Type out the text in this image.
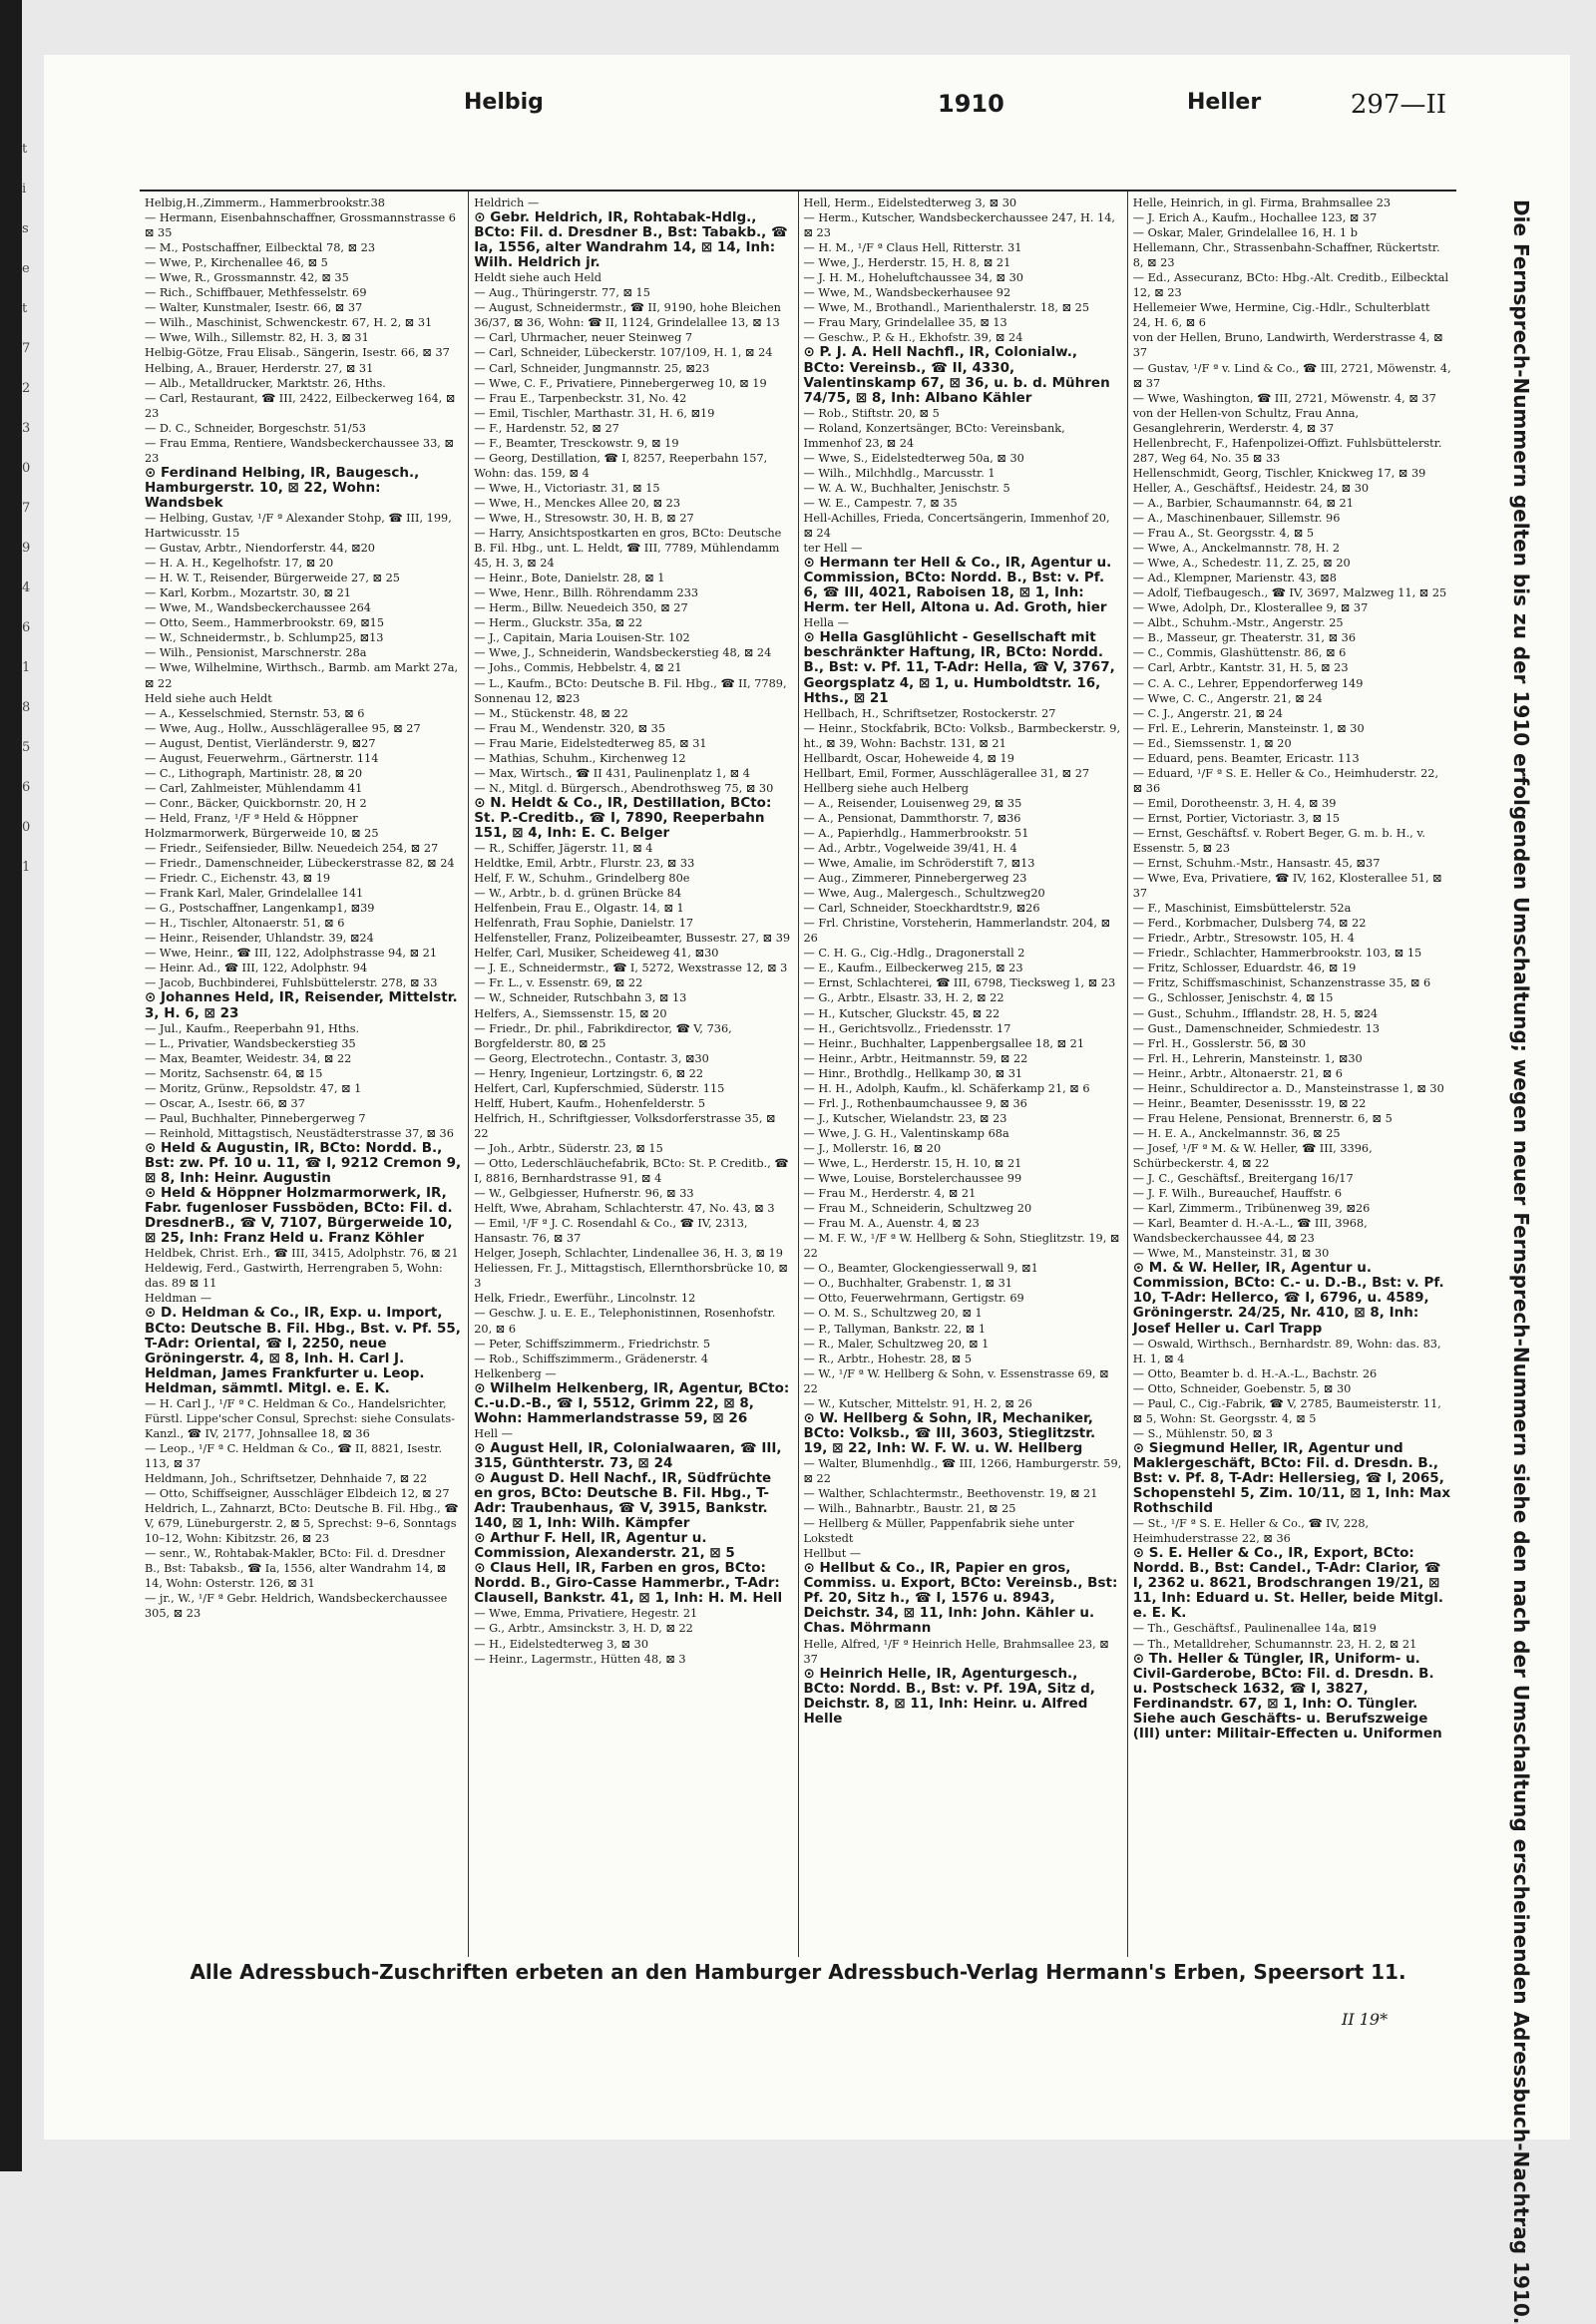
t
i
s
e
t
7
2
3
0
7
9
4
6
1
8
5
6
0
1
Helbig	1910	Heller	297—II

Helbig,H.,Zimmerm., Hammerbrookstr.38

— Hermann, Eisenbahnschaffner, Grossmannstrasse 6 ⊠ 35

— M., Postschaffner, Eilbecktal 78, ⊠ 23

— Wwe, P., Kirchenallee 46, ⊠ 5

— Wwe, R., Grossmannstr. 42, ⊠ 35

— Rich., Schiffbauer, Methfesselstr. 69

— Walter, Kunstmaler, Isestr. 66, ⊠ 37

— Wilh., Maschinist, Schwenckestr. 67, H. 2, ⊠ 31

— Wwe, Wilh., Sillemstr. 82, H. 3, ⊠ 31

Helbig-Götze, Frau Elisab., Sängerin, Isestr. 66, ⊠ 37

Helbing, A., Brauer, Herderstr. 27, ⊠ 31

— Alb., Metalldrucker, Marktstr. 26, Hths.

— Carl, Restaurant, ☎ III, 2422, Eilbeckerweg 164, ⊠ 23

— D. C., Schneider, Borgeschstr. 51/53

— Frau Emma, Rentiere, Wandsbeckerchaussee 33, ⊠ 23

⊙ Ferdinand Helbing, IR, Baugesch., Hamburgerstr. 10, ⊠ 22, Wohn: Wandsbek

— Helbing, Gustav, ¹/F ª Alexander Stohp, ☎ III, 199, Hartwicusstr. 15

— Gustav, Arbtr., Niendorferstr. 44, ⊠20

— H. A. H., Kegelhofstr. 17, ⊠ 20

— H. W. T., Reisender, Bürgerweide 27, ⊠ 25

— Karl, Korbm., Mozartstr. 30, ⊠ 21

— Wwe, M., Wandsbeckerchaussee 264

— Otto, Seem., Hammerbrookstr. 69, ⊠15

— W., Schneidermstr., b. Schlump25, ⊠13

— Wilh., Pensionist, Marschnerstr. 28a

— Wwe, Wilhelmine, Wirthsch., Barmb. am Markt 27a, ⊠ 22

Held siehe auch Heldt

— A., Kesselschmied, Sternstr. 53, ⊠ 6

— Wwe, Aug., Hollw., Ausschlägerallee 95, ⊠ 27

— August, Dentist, Vierländerstr. 9, ⊠27

— August, Feuerwehrm., Gärtnerstr. 114

— C., Lithograph, Martinistr. 28, ⊠ 20

— Carl, Zahlmeister, Mühlendamm 41

— Conr., Bäcker, Quickbornstr. 20, H 2

— Held, Franz, ¹/F ª Held & Höppner Holzmarmorwerk, Bürgerweide 10, ⊠ 25

— Friedr., Seifensieder, Billw. Neuedeich 254, ⊠ 27

— Friedr., Damenschneider, Lübeckerstrasse 82, ⊠ 24

— Friedr. C., Eichenstr. 43, ⊠ 19

— Frank Karl, Maler, Grindelallee 141

— G., Postschaffner, Langenkamp1, ⊠39

— H., Tischler, Altonaerstr. 51, ⊠ 6

— Heinr., Reisender, Uhlandstr. 39, ⊠24

— Wwe, Heinr., ☎ III, 122, Adolphstrasse 94, ⊠ 21

— Heinr. Ad., ☎ III, 122, Adolphstr. 94

— Jacob, Buchbinderei, Fuhlsbüttelerstr. 278, ⊠ 33

⊙ Johannes Held, IR, Reisender, Mittelstr. 3, H. 6, ⊠ 23

— Jul., Kaufm., Reeperbahn 91, Hths.

— L., Privatier, Wandsbeckerstieg 35

— Max, Beamter, Weidestr. 34, ⊠ 22

— Moritz, Sachsenstr. 64, ⊠ 15

— Moritz, Grünw., Repsoldstr. 47, ⊠ 1

— Oscar, A., Isestr. 66, ⊠ 37

— Paul, Buchhalter, Pinnebergerweg 7

— Reinhold, Mittagstisch, Neustädterstrasse 37, ⊠ 36

⊙ Held & Augustin, IR, BCto: Nordd. B., Bst: zw. Pf. 10 u. 11, ☎ I, 9212 Cremon 9, ⊠ 8, Inh: Heinr. Augustin

⊙ Held & Höppner Holzmarmorwerk, IR, Fabr. fugenloser Fussböden, BCto: Fil. d. DresdnerB., ☎ V, 7107, Bürgerweide 10, ⊠ 25, Inh: Franz Held u. Franz Köhler

Heldbek, Christ. Erh., ☎ III, 3415, Adolphstr. 76, ⊠ 21

Heldewig, Ferd., Gastwirth, Herrengraben 5, Wohn: das. 89 ⊠ 11

Heldman —

⊙ D. Heldman & Co., IR, Exp. u. Import, BCto: Deutsche B. Fil. Hbg., Bst. v. Pf. 55, T-Adr: Oriental, ☎ I, 2250, neue Gröningerstr. 4, ⊠ 8, Inh. H. Carl J. Heldman, James Frankfurter u. Leop. Heldman, sämmtl. Mitgl. e. E. K.

— H. Carl J., ¹/F ª C. Heldman & Co., Handelsrichter, Fürstl. Lippe'scher Consul, Sprechst: siehe Consulats-Kanzl., ☎ IV, 2177, Johnsallee 18, ⊠ 36

— Leop., ¹/F ª C. Heldman & Co., ☎ II, 8821, Isestr. 113, ⊠ 37

Heldmann, Joh., Schriftsetzer, Dehnhaide 7, ⊠ 22

— Otto, Schiffseigner, Ausschläger Elbdeich 12, ⊠ 27

Heldrich, L., Zahnarzt, BCto: Deutsche B. Fil. Hbg., ☎ V, 679, Lüneburgerstr. 2, ⊠ 5, Sprechst: 9–6, Sonntags 10–12, Wohn: Kibitzstr. 26, ⊠ 23

— senr., W., Rohtabak-Makler, BCto: Fil. d. Dresdner B., Bst: Tabaksb., ☎ Ia, 1556, alter Wandrahm 14, ⊠ 14, Wohn: Osterstr. 126, ⊠ 31

— jr., W., ¹/F ª Gebr. Heldrich, Wandsbeckerchaussee 305, ⊠ 23

Heldrich —

⊙ Gebr. Heldrich, IR, Rohtabak-Hdlg., BCto: Fil. d. Dresdner B., Bst: Tabakb., ☎ Ia, 1556, alter Wandrahm 14, ⊠ 14, Inh: Wilh. Heldrich jr.

Heldt siehe auch Held

— Aug., Thüringerstr. 77, ⊠ 15

— August, Schneidermstr., ☎ II, 9190, hohe Bleichen 36/37, ⊠ 36, Wohn: ☎ II, 1124, Grindelallee 13, ⊠ 13

— Carl, Uhrmacher, neuer Steinweg 7

— Carl, Schneider, Lübeckerstr. 107/109, H. 1, ⊠ 24

— Carl, Schneider, Jungmannstr. 25, ⊠23

— Wwe, C. F., Privatiere, Pinnebergerweg 10, ⊠ 19

— Frau E., Tarpenbeckstr. 31, No. 42

— Emil, Tischler, Marthastr. 31, H. 6, ⊠19

— F., Hardenstr. 52, ⊠ 27

— F., Beamter, Tresckowstr. 9, ⊠ 19

— Georg, Destillation, ☎ I, 8257, Reeperbahn 157, Wohn: das. 159, ⊠ 4

— Wwe, H., Victoriastr. 31, ⊠ 15

— Wwe, H., Menckes Allee 20, ⊠ 23

— Wwe, H., Stresowstr. 30, H. B, ⊠ 27

— Harry, Ansichtspostkarten en gros, BCto: Deutsche B. Fil. Hbg., unt. L. Heldt, ☎ III, 7789, Mühlendamm 45, H. 3, ⊠ 24

— Heinr., Bote, Danielstr. 28, ⊠ 1

— Wwe, Henr., Billh. Röhrendamm 233

— Herm., Billw. Neuedeich 350, ⊠ 27

— Herm., Gluckstr. 35a, ⊠ 22

— J., Capitain, Maria Louisen-Str. 102

— Wwe, J., Schneiderin, Wandsbeckerstieg 48, ⊠ 24

— Johs., Commis, Hebbelstr. 4, ⊠ 21

— L., Kaufm., BCto: Deutsche B. Fil. Hbg., ☎ II, 7789, Sonnenau 12, ⊠23

— M., Stückenstr. 48, ⊠ 22

— Frau M., Wendenstr. 320, ⊠ 35

— Frau Marie, Eidelstedterweg 85, ⊠ 31

— Mathias, Schuhm., Kirchenweg 12

— Max, Wirtsch., ☎ II 431, Paulinenplatz 1, ⊠ 4

— N., Mitgl. d. Bürgersch., Abendrothsweg 75, ⊠ 30

⊙ N. Heldt & Co., IR, Destillation, BCto: St. P.-Creditb., ☎ I, 7890, Reeperbahn 151, ⊠ 4, Inh: E. C. Belger

— R., Schiffer, Jägerstr. 11, ⊠ 4

Heldtke, Emil, Arbtr., Flurstr. 23, ⊠ 33

Helf, F. W., Schuhm., Grindelberg 80e

— W., Arbtr., b. d. grünen Brücke 84

Helfenbein, Frau E., Olgastr. 14, ⊠ 1

Helfenrath, Frau Sophie, Danielstr. 17

Helfensteller, Franz, Polizeibeamter, Bussestr. 27, ⊠ 39

Helfer, Carl, Musiker, Scheideweg 41, ⊠30

— J. E., Schneidermstr., ☎ I, 5272, Wexstrasse 12, ⊠ 3

— Fr. L., v. Essenstr. 69, ⊠ 22

— W., Schneider, Rutschbahn 3, ⊠ 13

Helfers, A., Siemssenstr. 15, ⊠ 20

— Friedr., Dr. phil., Fabrikdirector, ☎ V, 736, Borgfelderstr. 80, ⊠ 25

— Georg, Electrotechn., Contastr. 3, ⊠30

— Henry, Ingenieur, Lortzingstr. 6, ⊠ 22

Helfert, Carl, Kupferschmied, Süderstr. 115

Helff, Hubert, Kaufm., Hohenfelderstr. 5

Helfrich, H., Schriftgiesser, Volksdorferstrasse 35, ⊠ 22

— Joh., Arbtr., Süderstr. 23, ⊠ 15

— Otto, Lederschläuchefabrik, BCto: St. P. Creditb., ☎ I, 8816, Bernhardstrasse 91, ⊠ 4

— W., Gelbgiesser, Hufnerstr. 96, ⊠ 33

Helft, Wwe, Abraham, Schlachterstr. 47, No. 43, ⊠ 3

— Emil, ¹/F ª J. C. Rosendahl & Co., ☎ IV, 2313, Hansastr. 76, ⊠ 37

Helger, Joseph, Schlachter, Lindenallee 36, H. 3, ⊠ 19

Heliessen, Fr. J., Mittagstisch, Ellernthorsbrücke 10, ⊠ 3

Helk, Friedr., Ewerführ., Lincolnstr. 12

— Geschw. J. u. E. E., Telephonistinnen, Rosenhofstr. 20, ⊠ 6

— Peter, Schiffszimmerm., Friedrichstr. 5

— Rob., Schiffszimmerm., Grädenerstr. 4

Helkenberg —

⊙ Wilhelm Helkenberg, IR, Agentur, BCto: C.-u.D.-B., ☎ I, 5512, Grimm 22, ⊠ 8, Wohn: Hammerlandstrasse 59, ⊠ 26

Hell —

⊙ August Hell, IR, Colonialwaaren, ☎ III, 315, Günthterstr. 73, ⊠ 24

⊙ August D. Hell Nachf., IR, Südfrüchte en gros, BCto: Deutsche B. Fil. Hbg., T-Adr: Traubenhaus, ☎ V, 3915, Bankstr. 140, ⊠ 1, Inh: Wilh. Kämpfer

⊙ Arthur F. Hell, IR, Agentur u. Commission, Alexanderstr. 21, ⊠ 5

⊙ Claus Hell, IR, Farben en gros, BCto: Nordd. B., Giro-Casse Hammerbr., T-Adr: Clausell, Bankstr. 41, ⊠ 1, Inh: H. M. Hell

— Wwe, Emma, Privatiere, Hegestr. 21

— G., Arbtr., Amsinckstr. 3, H. D, ⊠ 22

— H., Eidelstedterweg 3, ⊠ 30

— Heinr., Lagermstr., Hütten 48, ⊠ 3

Hell, Herm., Eidelstedterweg 3, ⊠ 30

— Herm., Kutscher, Wandsbeckerchaussee 247, H. 14, ⊠ 23

— H. M., ¹/F ª Claus Hell, Ritterstr. 31

— Wwe, J., Herderstr. 15, H. 8, ⊠ 21

— J. H. M., Hoheluftchaussee 34, ⊠ 30

— Wwe, M., Wandsbeckerhausee 92

— Wwe, M., Brothandl., Marienthalerstr. 18, ⊠ 25

— Frau Mary, Grindelallee 35, ⊠ 13

— Geschw., P. & H., Ekhofstr. 39, ⊠ 24

⊙ P. J. A. Hell Nachfl., IR, Colonialw., BCto: Vereinsb., ☎ II, 4330, Valentinskamp 67, ⊠ 36, u. b. d. Mühren 74/75, ⊠ 8, Inh: Albano Kähler

— Rob., Stiftstr. 20, ⊠ 5

— Roland, Konzertsänger, BCto: Vereinsbank, Immenhof 23, ⊠ 24

— Wwe, S., Eidelstedterweg 50a, ⊠ 30

— Wilh., Milchhdlg., Marcusstr. 1

— W. A. W., Buchhalter, Jenischstr. 5

— W. E., Campestr. 7, ⊠ 35

Hell-Achilles, Frieda, Concertsängerin, Immenhof 20, ⊠ 24

ter Hell —

⊙ Hermann ter Hell & Co., IR, Agentur u. Commission, BCto: Nordd. B., Bst: v. Pf. 6, ☎ III, 4021, Raboisen 18, ⊠ 1, Inh: Herm. ter Hell, Altona u. Ad. Groth, hier

Hella —

⊙ Hella Gasglühlicht - Gesellschaft mit beschränkter Haftung, IR, BCto: Nordd. B., Bst: v. Pf. 11, T-Adr: Hella, ☎ V, 3767, Georgsplatz 4, ⊠ 1, u. Humboldtstr. 16, Hths., ⊠ 21

Hellbach, H., Schriftsetzer, Rostockerstr. 27

— Heinr., Stockfabrik, BCto: Volksb., Barmbeckerstr. 9, ht., ⊠ 39, Wohn: Bachstr. 131, ⊠ 21

Hellbardt, Oscar, Hoheweide 4, ⊠ 19

Hellbart, Emil, Former, Ausschlägerallee 31, ⊠ 27

Hellberg siehe auch Helberg

— A., Reisender, Louisenweg 29, ⊠ 35

— A., Pensionat, Dammthorstr. 7, ⊠36

— A., Papierhdlg., Hammerbrookstr. 51

— Ad., Arbtr., Vogelweide 39/41, H. 4

— Wwe, Amalie, im Schröderstift 7, ⊠13

— Aug., Zimmerer, Pinnebergerweg 23

— Wwe, Aug., Malergesch., Schultzweg20

— Carl, Schneider, Stoeckhardtstr.9, ⊠26

— Frl. Christine, Vorsteherin, Hammerlandstr. 204, ⊠ 26

— C. H. G., Cig.-Hdlg., Dragonerstall 2

— E., Kaufm., Eilbeckerweg 215, ⊠ 23

— Ernst, Schlachterei, ☎ III, 6798, Tiecksweg 1, ⊠ 23

— G., Arbtr., Elsastr. 33, H. 2, ⊠ 22

— H., Kutscher, Gluckstr. 45, ⊠ 22

— H., Gerichtsvollz., Friedensstr. 17

— Heinr., Buchhalter, Lappenbergsallee 18, ⊠ 21

— Heinr., Arbtr., Heitmannstr. 59, ⊠ 22

— Hinr., Brothdlg., Hellkamp 30, ⊠ 31

— H. H., Adolph, Kaufm., kl. Schäferkamp 21, ⊠ 6

— Frl. J., Rothenbaumchaussee 9, ⊠ 36

— J., Kutscher, Wielandstr. 23, ⊠ 23

— Wwe, J. G. H., Valentinskamp 68a

— J., Mollerstr. 16, ⊠ 20

— Wwe, L., Herderstr. 15, H. 10, ⊠ 21

— Wwe, Louise, Borstelerchaussee 99

— Frau M., Herderstr. 4, ⊠ 21

— Frau M., Schneiderin, Schultzweg 20

— Frau M. A., Auenstr. 4, ⊠ 23

— M. F. W., ¹/F ª W. Hellberg & Sohn, Stieglitzstr. 19, ⊠ 22

— O., Beamter, Glockengiesserwall 9, ⊠1

— O., Buchhalter, Grabenstr. 1, ⊠ 31

— Otto, Feuerwehrmann, Gertigstr. 69

— O. M. S., Schultzweg 20, ⊠ 1

— P., Tallyman, Bankstr. 22, ⊠ 1

— R., Maler, Schultzweg 20, ⊠ 1

— R., Arbtr., Hohestr. 28, ⊠ 5

— W., ¹/F ª W. Hellberg & Sohn, v. Essenstrasse 69, ⊠ 22

— W., Kutscher, Mittelstr. 91, H. 2, ⊠ 26

⊙ W. Hellberg & Sohn, IR, Mechaniker, BCto: Volksb., ☎ III, 3603, Stieglitzstr. 19, ⊠ 22, Inh: W. F. W. u. W. Hellberg

— Walter, Blumenhdlg., ☎ III, 1266, Hamburgerstr. 59, ⊠ 22

— Walther, Schlachtermstr., Beethovenstr. 19, ⊠ 21

— Wilh., Bahnarbtr., Baustr. 21, ⊠ 25

— Hellberg & Müller, Pappenfabrik siehe unter Lokstedt

Hellbut —

⊙ Hellbut & Co., IR, Papier en gros, Commiss. u. Export, BCto: Vereinsb., Bst: Pf. 20, Sitz h., ☎ I, 1576 u. 8943, Deichstr. 34, ⊠ 11, Inh: John. Kähler u. Chas. Möhrmann

Helle, Alfred, ¹/F ª Heinrich Helle, Brahmsallee 23, ⊠ 37

⊙ Heinrich Helle, IR, Agenturgesch., BCto: Nordd. B., Bst: v. Pf. 19A, Sitz d, Deichstr. 8, ⊠ 11, Inh: Heinr. u. Alfred Helle

Helle, Heinrich, in gl. Firma, Brahmsallee 23

— J. Erich A., Kaufm., Hochallee 123, ⊠ 37

— Oskar, Maler, Grindelallee 16, H. 1 b

Hellemann, Chr., Strassenbahn-Schaffner, Rückertstr. 8, ⊠ 23

— Ed., Assecuranz, BCto: Hbg.-Alt. Creditb., Eilbecktal 12, ⊠ 23

Hellemeier Wwe, Hermine, Cig.-Hdlr., Schulterblatt 24, H. 6, ⊠ 6

von der Hellen, Bruno, Landwirth, Werderstrasse 4, ⊠ 37

— Gustav, ¹/F ª v. Lind & Co., ☎ III, 2721, Möwenstr. 4, ⊠ 37

— Wwe, Washington, ☎ III, 2721, Möwenstr. 4, ⊠ 37

von der Hellen-von Schultz, Frau Anna, Gesanglehrerin, Werderstr. 4, ⊠ 37

Hellenbrecht, F., Hafenpolizei-Offizt. Fuhlsbüttelerstr. 287, Weg 64, No. 35 ⊠ 33

Hellenschmidt, Georg, Tischler, Knickweg 17, ⊠ 39

Heller, A., Geschäftsf., Heidestr. 24, ⊠ 30

— A., Barbier, Schaumannstr. 64, ⊠ 21

— A., Maschinenbauer, Sillemstr. 96

— Frau A., St. Georgsstr. 4, ⊠ 5

— Wwe, A., Anckelmannstr. 78, H. 2

— Wwe, A., Schedestr. 11, Z. 25, ⊠ 20

— Ad., Klempner, Marienstr. 43, ⊠8

— Adolf, Tiefbaugesch., ☎ IV, 3697, Malzweg 11, ⊠ 25

— Wwe, Adolph, Dr., Klosterallee 9, ⊠ 37

— Albt., Schuhm.-Mstr., Angerstr. 25

— B., Masseur, gr. Theaterstr. 31, ⊠ 36

— C., Commis, Glashüttenstr. 86, ⊠ 6

— Carl, Arbtr., Kantstr. 31, H. 5, ⊠ 23

— C. A. C., Lehrer, Eppendorferweg 149

— Wwe, C. C., Angerstr. 21, ⊠ 24

— C. J., Angerstr. 21, ⊠ 24

— Frl. E., Lehrerin, Mansteinstr. 1, ⊠ 30

— Ed., Siemssenstr. 1, ⊠ 20

— Eduard, pens. Beamter, Ericastr. 113

— Eduard, ¹/F ª S. E. Heller & Co., Heimhuderstr. 22, ⊠ 36

— Emil, Dorotheenstr. 3, H. 4, ⊠ 39

— Ernst, Portier, Victoriastr. 3, ⊠ 15

— Ernst, Geschäftsf. v. Robert Beger, G. m. b. H., v. Essenstr. 5, ⊠ 23

— Ernst, Schuhm.-Mstr., Hansastr. 45, ⊠37

— Wwe, Eva, Privatiere, ☎ IV, 162, Klosterallee 51, ⊠ 37

— F., Maschinist, Eimsbüttelerstr. 52a

— Ferd., Korbmacher, Dulsberg 74, ⊠ 22

— Friedr., Arbtr., Stresowstr. 105, H. 4

— Friedr., Schlachter, Hammerbrookstr. 103, ⊠ 15

— Fritz, Schlosser, Eduardstr. 46, ⊠ 19

— Fritz, Schiffsmaschinist, Schanzenstrasse 35, ⊠ 6

— G., Schlosser, Jenischstr. 4, ⊠ 15

— Gust., Schuhm., Ifflandstr. 28, H. 5, ⊠24

— Gust., Damenschneider, Schmiedestr. 13

— Frl. H., Gosslerstr. 56, ⊠ 30

— Frl. H., Lehrerin, Mansteinstr. 1, ⊠30

— Heinr., Arbtr., Altonaerstr. 21, ⊠ 6

— Heinr., Schuldirector a. D., Mansteinstrasse 1, ⊠ 30

— Heinr., Beamter, Desenissstr. 19, ⊠ 22

— Frau Helene, Pensionat, Brennerstr. 6, ⊠ 5

— H. E. A., Anckelmannstr. 36, ⊠ 25

— Josef, ¹/F ª M. & W. Heller, ☎ III, 3396, Schürbeckerstr. 4, ⊠ 22

— J. C., Geschäftsf., Breitergang 16/17

— J. F. Wilh., Bureauchef, Hauffstr. 6

— Karl, Zimmerm., Tribünenweg 39, ⊠26

— Karl, Beamter d. H.-A.-L., ☎ III, 3968, Wandsbeckerchaussee 44, ⊠ 23

— Wwe, M., Mansteinstr. 31, ⊠ 30

⊙ M. & W. Heller, IR, Agentur u. Commission, BCto: C.- u. D.-B., Bst: v. Pf. 10, T-Adr: Hellerco, ☎ I, 6796, u. 4589, Gröningerstr. 24/25, Nr. 410, ⊠ 8, Inh: Josef Heller u. Carl Trapp

— Oswald, Wirthsch., Bernhardstr. 89, Wohn: das. 83, H. 1, ⊠ 4

— Otto, Beamter b. d. H.-A.-L., Bachstr. 26

— Otto, Schneider, Goebenstr. 5, ⊠ 30

— Paul, C., Cig.-Fabrik, ☎ V, 2785, Baumeisterstr. 11, ⊠ 5, Wohn: St. Georgsstr. 4, ⊠ 5

— S., Mühlenstr. 50, ⊠ 3

⊙ Siegmund Heller, IR, Agentur und Maklergeschäft, BCto: Fil. d. Dresdn. B., Bst: v. Pf. 8, T-Adr: Hellersieg, ☎ I, 2065, Schopenstehl 5, Zim. 10/11, ⊠ 1, Inh: Max Rothschild

— St., ¹/F ª S. E. Heller & Co., ☎ IV, 228, Heimhuderstrasse 22, ⊠ 36

⊙ S. E. Heller & Co., IR, Export, BCto: Nordd. B., Bst: Candel., T-Adr: Clarior, ☎ I, 2362 u. 8621, Brodschrangen 19/21, ⊠ 11, Inh: Eduard u. St. Heller, beide Mitgl. e. E. K.

— Th., Geschäftsf., Paulinenallee 14a, ⊠19

— Th., Metalldreher, Schumannstr. 23, H. 2, ⊠ 21

⊙ Th. Heller & Tüngler, IR, Uniform- u. Civil-Garderobe, BCto: Fil. d. Dresdn. B. u. Postscheck 1632, ☎ I, 3827, Ferdinandstr. 67, ⊠ 1, Inh: O. Tüngler. Siehe auch Geschäfts- u. Berufszweige (III) unter: Militair-Effecten u. Uniformen	Die Fernsprech-Nummern gelten bis zu der 1910 erfolgenden Umschaltung; wegen neuer Fernsprech-Nummern siehe den nach der Umschaltung erscheinenden Adressbuch-Nachtrag 1910.
Alle Adressbuch-Zuschriften erbeten an den Hamburger Adressbuch-Verlag Hermann's Erben, Speersort 11.
II 19*
